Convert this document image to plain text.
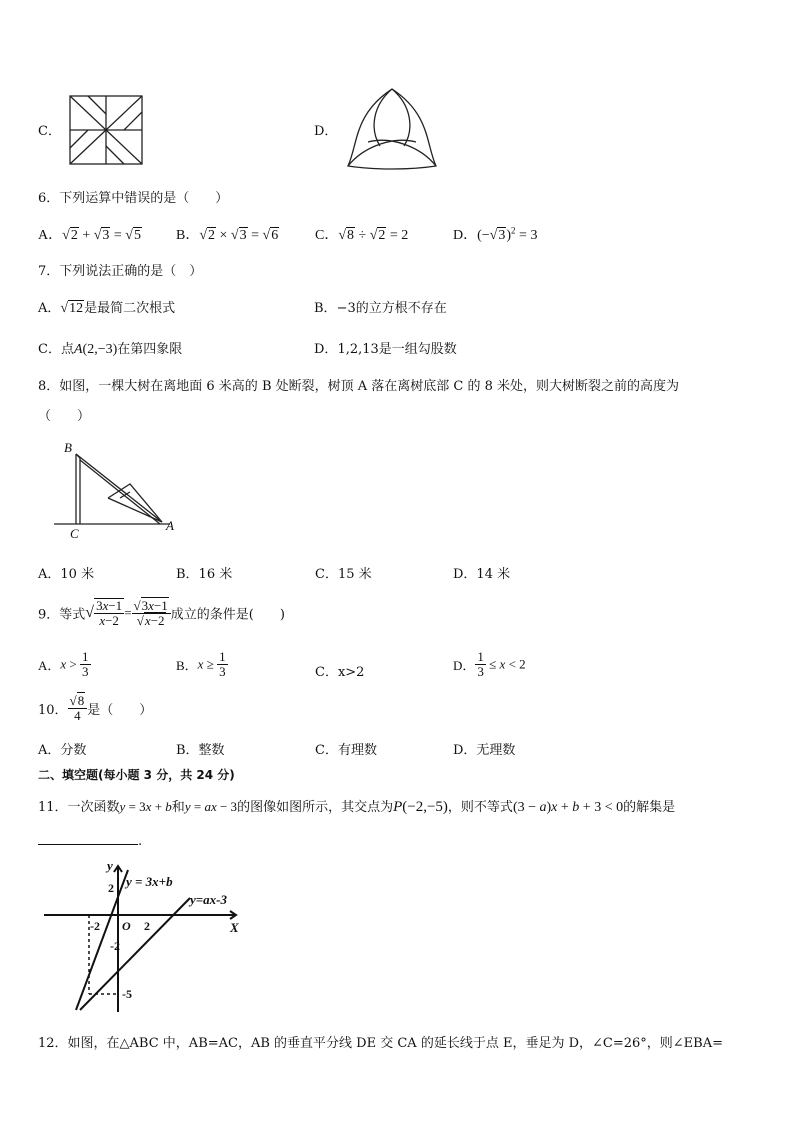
C．	D．
6．下列运算中错误的是（　　）
A．√2 + √3 = √5	B．√2 × √3 = √6	C．√8 ÷ √2 = 2	D．$(-√3)^2 = 3$
7．下列说法正确的是（　）
A．√12是最简二次根式	B．−3的立方根不存在
C．点A(2,−3)在第四象限	D．1,2,13是一组勾股数
8．如图，一棵大树在离地面 6 米高的 B 处断裂，树顶 A 落在离树底部 C 的 8 米处，则大树断裂之前的高度为
（　　）
B
C
A
A．10 米	B．16 米	C．15 米	D．14 米
9．等式√ $\frac{3x-1}{x-2} = \frac{√3x-1}{√x-2}$ 成立的条件是(　　)
A．$x > \frac{1}{3}$	B．$x \ge \frac{1}{3}$	C．x>2	D． $\frac{1}{3} \le x < 2$
10． $\frac{√8}{4}$ 是（　　）
A．分数	B．整数	C．有理数	D．无理数
二、填空题(每小题 3 分，共 24 分)
11．一次函数y = 3x + b和y = ax − 3的图像如图所示，其交点为P(−2,−5)，则不等式(3 − a)x + b + 3 < 0的解集是
.
y
X
O
y = 3x+b
y=ax-3
2
-2	2
-2
-5
12．如图，在△ABC 中，AB=AC，AB 的垂直平分线 DE 交 CA 的延长线于点 E，垂足为 D，∠C=26°，则∠EBA=
